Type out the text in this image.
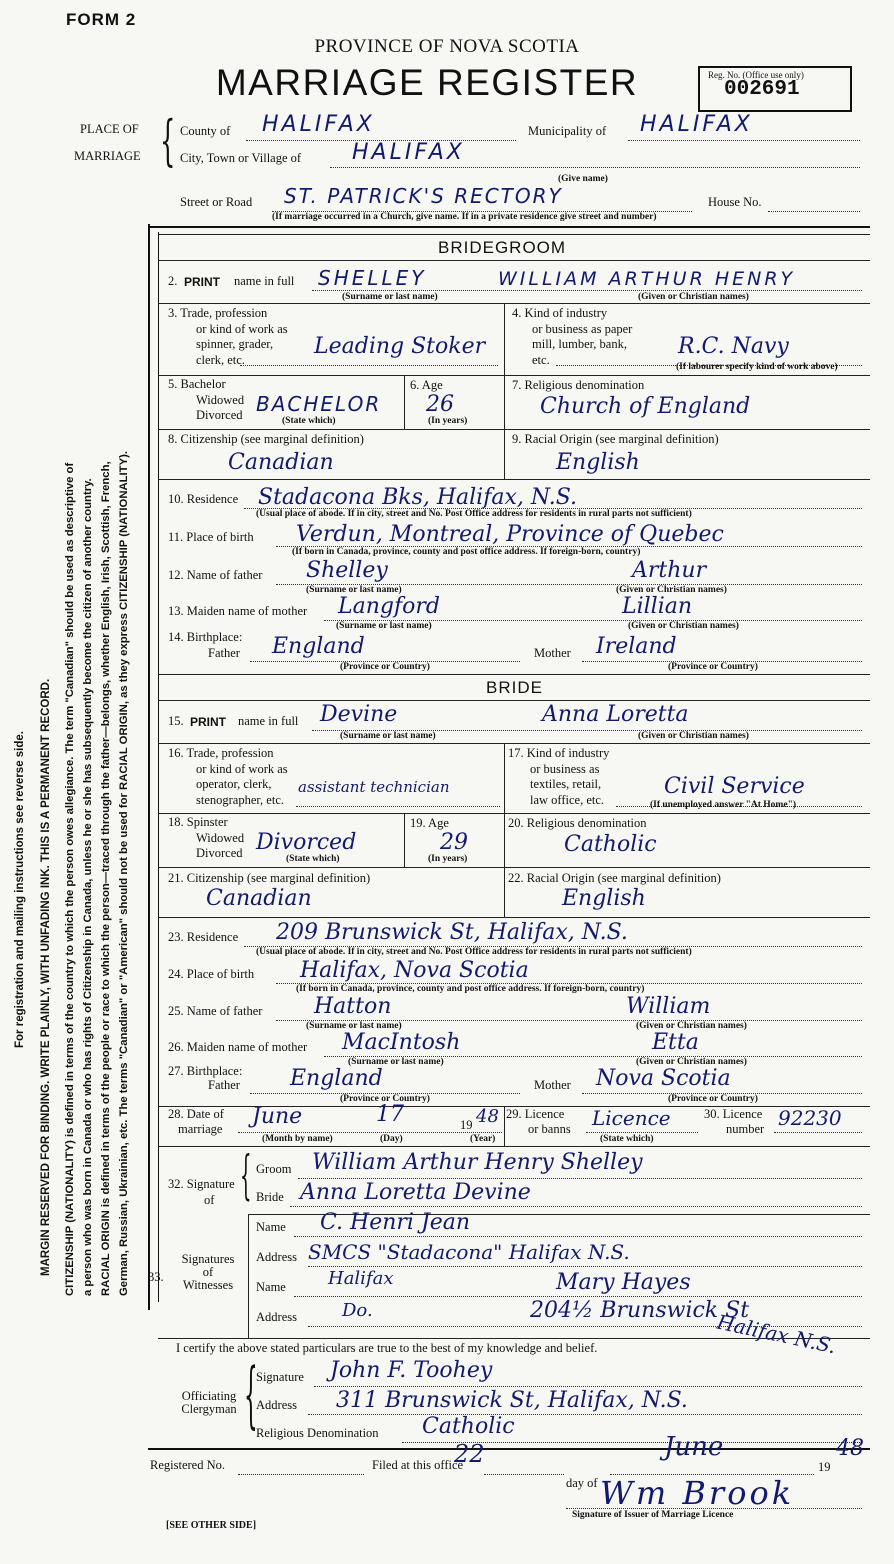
FORM 2
PROVINCE OF NOVA SCOTIA
MARRIAGE REGISTER	Reg. No. (Office use only)
002691
PLACE OF
MARRIAGE { County of HALIFAX	Municipality of HALIFAX
City, Town or Village of HALIFAX
(Give name)
Street or Road ST. PATRICK'S RECTORY	House No.
(If marriage occurred in a Church, give name. If in a private residence give street and number)
For registration and mailing instructions see reverse side. MARGIN RESERVED FOR BINDING. WRITE PLAINLY, WITH UNFADING INK. THIS IS A PERMANENT RECORD. CITIZENSHIP (NATIONALITY) is defined in terms of the country to which the person owes allegiance. The term "Canadian" should be used as descriptive of a person who was born in Canada or who has rights of Citizenship in Canada, unless he or she has subsequently become the citizen of another country. RACIAL ORIGIN is defined in terms of the people or race to which the person—traced through the father—belongs, whether English, Irish, Scottish, French, German, Russian, Ukrainian, etc. The terms "Canadian" or "American" should not be used for RACIAL ORIGIN, as they express CITIZENSHIP (NATIONALITY).
BRIDEGROOM
2. PRINT name in full SHELLEY	WILLIAM ARTHUR HENRY
(Surname or last name)	(Given or Christian names)
3. Trade, profession
or kind of work as
spinner, grader,
clerk, etc.
Leading Stoker
4. Kind of industry
or business as paper
mill, lumber, bank,
etc.
R.C. Navy
(If labourer specify kind of work above)
5. Bachelor
Widowed
Divorced BACHELOR
(State which)
6. Age
26
(In years)
7. Religious denomination
Church of England
8. Citizenship (see marginal definition)
Canadian
9. Racial Origin (see marginal definition)
English
10. Residence Stadacona Bks, Halifax, N.S.
(Usual place of abode. If in city, street and No. Post Office address for residents in rural parts not sufficient)
11. Place of birth Verdun, Montreal, Province of Quebec
(If born in Canada, province, county and post office address. If foreign-born, country)
12. Name of father Shelley	Arthur
(Surname or last name)	(Given or Christian names)
13. Maiden name of mother Langford	Lillian
(Surname or last name)	(Given or Christian names)
14. Birthplace:
Father England	Mother Ireland
(Province or Country)	(Province or Country)
BRIDE
15. PRINT name in full Devine	Anna Loretta
(Surname or last name)	(Given or Christian names)
16. Trade, profession
or kind of work as
operator, clerk,
stenographer, etc.
assistant technician
17. Kind of industry
or business as
textiles, retail,
law office, etc.
Civil Service
(If unemployed answer "At Home")
18. Spinster
Widowed
Divorced Divorced
(State which)
19. Age
29
(In years)
20. Religious denomination
Catholic
21. Citizenship (see marginal definition)
Canadian
22. Racial Origin (see marginal definition)
English
23. Residence 209 Brunswick St, Halifax, N.S.
(Usual place of abode. If in city, street and No. Post Office address for residents in rural parts not sufficient)
24. Place of birth Halifax, Nova Scotia
(If born in Canada, province, county and post office address. If foreign-born, country)
25. Name of father Hatton	William
(Surname or last name)	(Given or Christian names)
26. Maiden name of mother MacIntosh	Etta
(Surname or last name)	(Given or Christian names)
27. Birthplace:
Father England	Mother Nova Scotia
(Province or Country)	(Province or Country)
28. Date of
marriage June	17	19 48
(Month by name)	(Day)	(Year)
29. Licence
or banns Licence
(State which)
30. Licence
number 92230
32. Signature
of { Groom William Arthur Henry Shelley
Bride Anna Loretta Devine
33.
Signatures
of
Witnesses
Name C. Henri Jean
Address SMCS "Stadacona" Halifax N.S.
Name Halifax	Mary Hayes
Address	Do.	204½ Brunswick St
I certify the above stated particulars are true to the best of my knowledge and belief.	Halifax N.S.
Officiating
Clergyman {
Signature John F. Toohey
Address 311 Brunswick St, Halifax, N.S.
Religious Denomination Catholic
Registered No.	Filed at this office
22
day of
June
19
48
Wm Brook
Signature of Issuer of Marriage Licence
[SEE OTHER SIDE]
